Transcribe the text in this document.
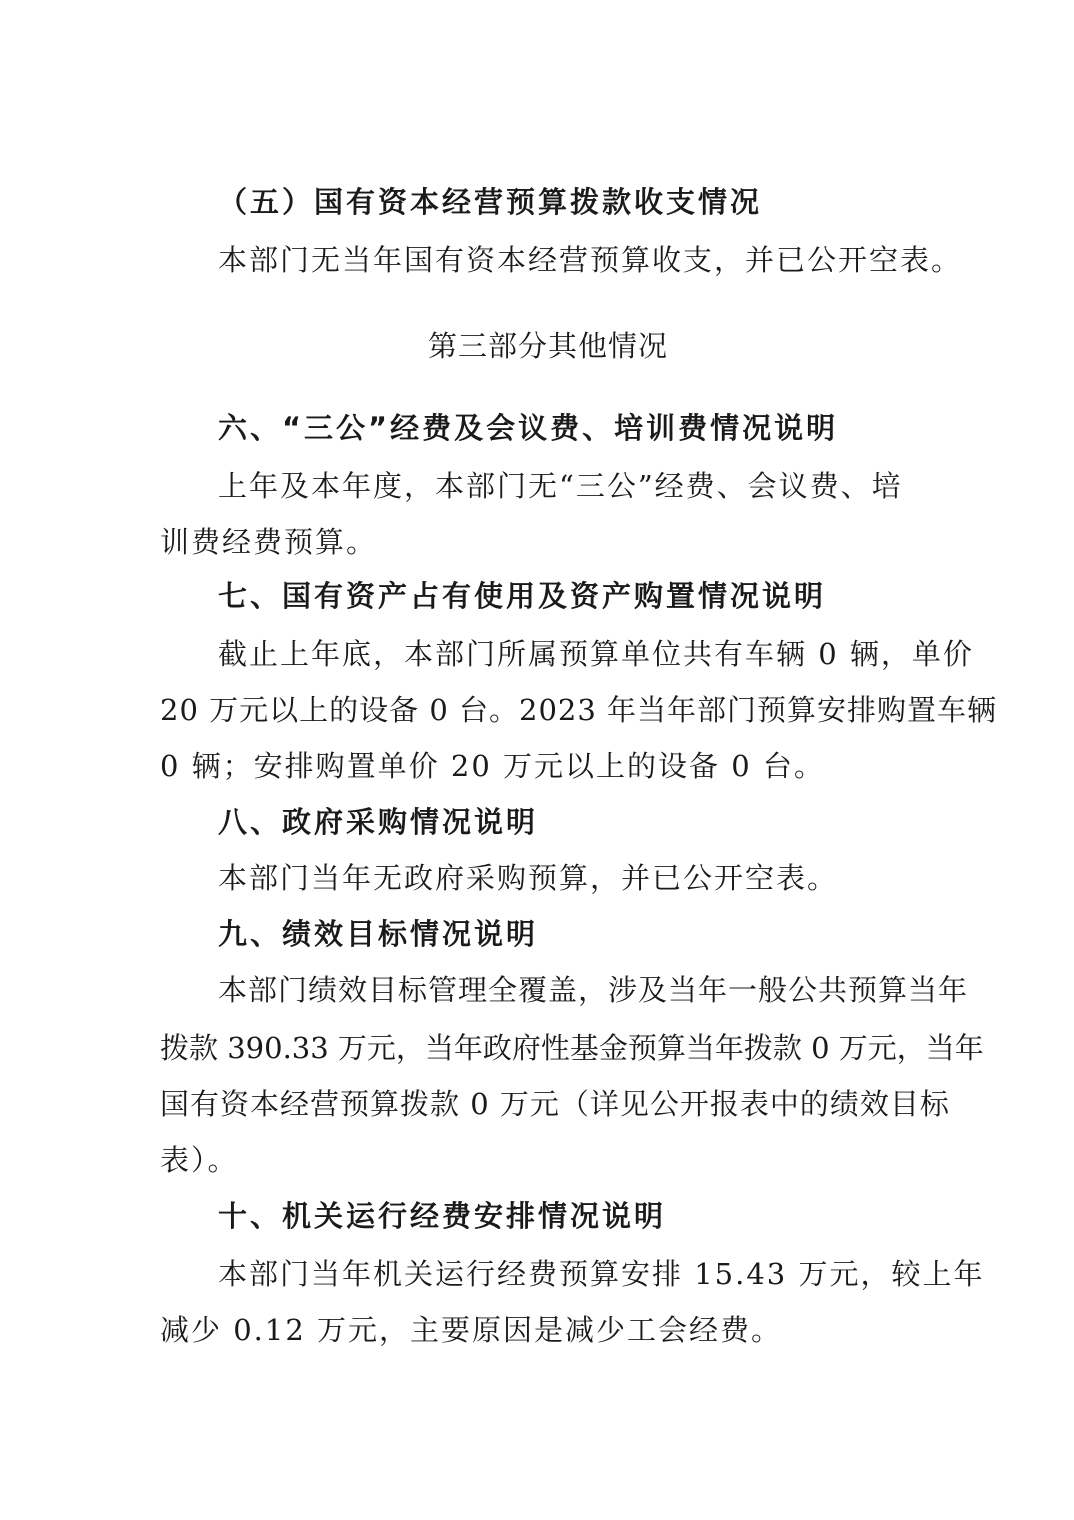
（五）国有资本经营预算拨款收支情况
本部门无当年国有资本经营预算收支，并已公开空表。
第三部分其他情况
六、“三公”经费及会议费、培训费情况说明
上年及本年度，本部门无“三公”经费、会议费、培
训费经费预算。
七、国有资产占有使用及资产购置情况说明
截止上年底，本部门所属预算单位共有车辆 0 辆，单价
20 万元以上的设备 0 台。2023 年当年部门预算安排购置车辆
0 辆；安排购置单价 20 万元以上的设备 0 台。
八、政府采购情况说明
本部门当年无政府采购预算，并已公开空表。
九、绩效目标情况说明
本部门绩效目标管理全覆盖，涉及当年一般公共预算当年
拨款 390.33 万元，当年政府性基金预算当年拨款 0 万元，当年
国有资本经营预算拨款 0 万元（详见公开报表中的绩效目标
表）。
十、机关运行经费安排情况说明
本部门当年机关运行经费预算安排 15.43 万元，较上年
减少 0.12 万元，主要原因是减少工会经费。
